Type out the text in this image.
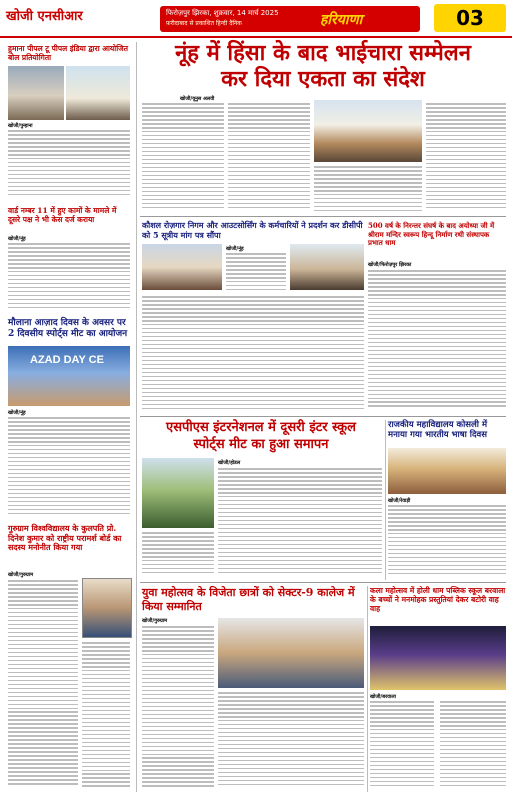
खोजी एनसीआर	फिरोज़पुर झिरका, शुक्रवार, 14 मार्च 2025
फ़रीदाबाद से प्रकाशित हिन्दी दैनिक	हरियाणा	03
हुमाना पीपल टू पीपल इंडिया द्वारा आयोजित बोल प्रतियोगिता
खोजी/पुन्हाना
वार्ड नम्बर 11 में हुए कामों के मामले में दूसरे पक्ष ने भी केस दर्ज कराया
खोजी/नूंह
मौलाना आज़ाद दिवस के अवसर पर 2 दिवसीय स्पोर्ट्स मीट का आयोजन
AZAD DAY CE
खोजी/नूंह
गुरुग्राम विश्वविद्यालय के कुलपति प्रो. दिनेश कुमार को राष्ट्रीय परामर्श बोर्ड का सदस्य मनोनीत किया गया
खोजी/गुरुग्राम
नूंह में हिंसा के बाद भाईचारा सम्मेलन
कर दिया एकता का संदेश
खोजी/यूनुस अलवी
कौशल रोज़गार निगम और आउटसोर्सिंग के कर्मचारियों ने प्रदर्शन कर डीसीपी को 5 सूत्रीय मांग पत्र सौंपा
खोजी/नूंह
500 वर्ष के निरन्तर संघर्ष के बाद अयोध्या जी में श्रीराम मन्दिर स्वरूप हिन्दू निर्माण रथी संस्थापक प्रभात धाम
खोजी/फिरोज़पुर झिरका
एसपीएस इंटरनेशनल में दूसरी इंटर स्कूल
स्पोर्ट्स मीट का हुआ समापन
खोजी/होडल
राजकीय महाविद्यालय कोसली में मनाया गया भारतीय भाषा दिवस
खोजी/रेवाड़ी
युवा महोत्सव के विजेता छात्रों को सेक्टर-9 कालेज में किया सम्मानित
खोजी/गुरुग्राम
कला महोत्सव में होली धाम पब्लिक स्कूल बरवाला के बच्चों ने मनमोहक प्रस्तुतियां देकर बटोरी वाह वाह
खोजी/बरवाला
